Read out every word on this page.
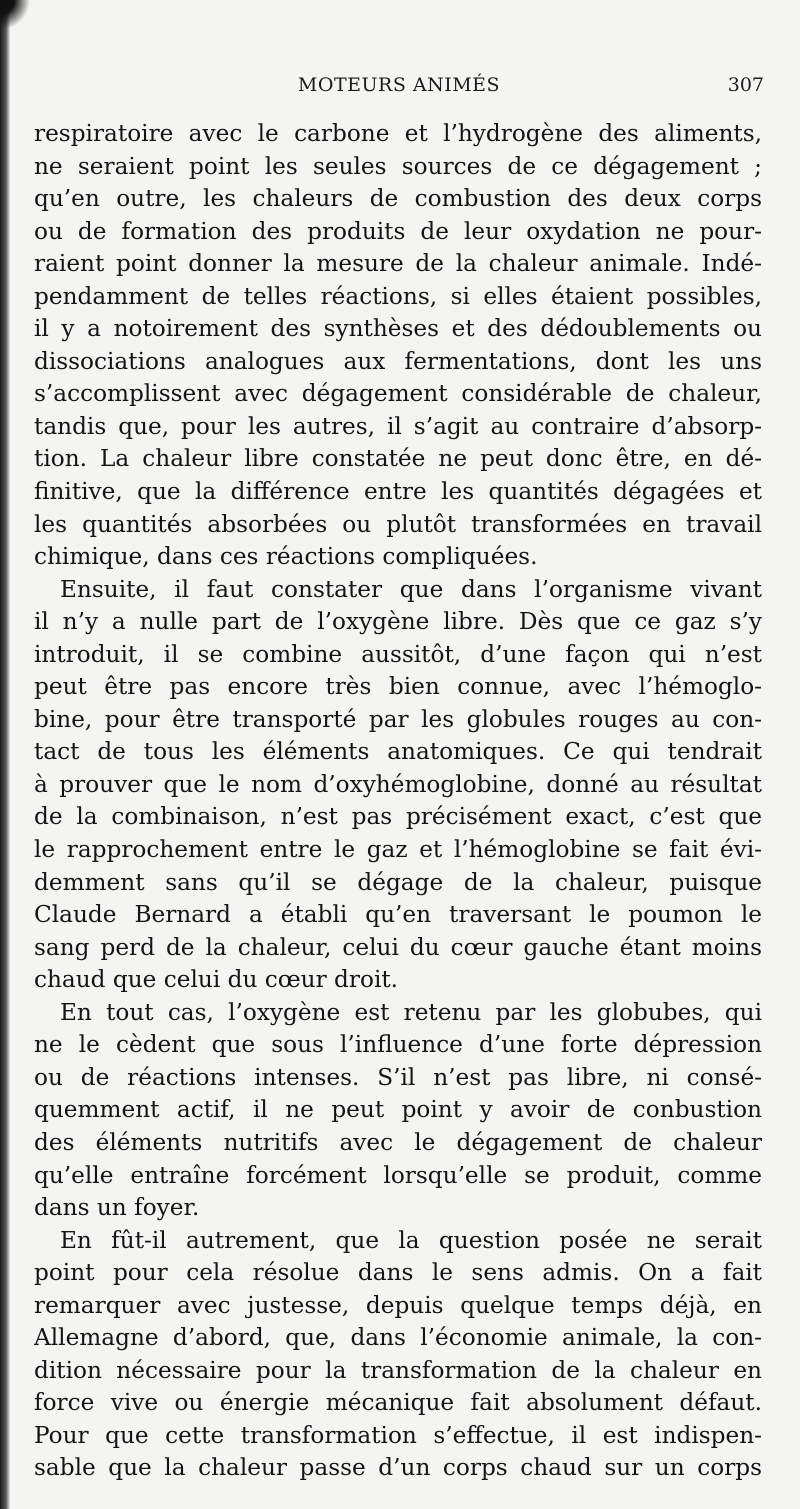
MOTEURS ANIMÉS	307
respiratoire avec le carbone et l’hydrogène des aliments,
ne seraient point les seules sources de ce dégagement ;
qu’en outre, les chaleurs de combustion des deux corps
ou de formation des produits de leur oxydation ne pour-
raient point donner la mesure de la chaleur animale. Indé-
pendamment de telles réactions, si elles étaient possibles,
il y a notoirement des synthèses et des dédoublements ou
dissociations analogues aux fermentations, dont les uns
s’accomplissent avec dégagement considérable de chaleur,
tandis que, pour les autres, il s’agit au contraire d’absorp-
tion. La chaleur libre constatée ne peut donc être, en dé-
finitive, que la différence entre les quantités dégagées et
les quantités absorbées ou plutôt transformées en travail
chimique, dans ces réactions compliquées.
Ensuite, il faut constater que dans l’organisme vivant
il n’y a nulle part de l’oxygène libre. Dès que ce gaz s’y
introduit, il se combine aussitôt, d’une façon qui n’est
peut être pas encore très bien connue, avec l’hémoglo-
bine, pour être transporté par les globules rouges au con-
tact de tous les éléments anatomiques. Ce qui tendrait
à prouver que le nom d’oxyhémoglobine, donné au résultat
de la combinaison, n’est pas précisément exact, c’est que
le rapprochement entre le gaz et l’hémoglobine se fait évi-
demment sans qu’il se dégage de la chaleur, puisque
Claude Bernard a établi qu’en traversant le poumon le
sang perd de la chaleur, celui du cœur gauche étant moins
chaud que celui du cœur droit.
En tout cas, l’oxygène est retenu par les globubes, qui
ne le cèdent que sous l’influence d’une forte dépression
ou de réactions intenses. S’il n’est pas libre, ni consé-
quemment actif, il ne peut point y avoir de conbustion
des éléments nutritifs avec le dégagement de chaleur
qu’elle entraîne forcément lorsqu’elle se produit, comme
dans un foyer.
En fût-il autrement, que la question posée ne serait
point pour cela résolue dans le sens admis. On a fait
remarquer avec justesse, depuis quelque temps déjà, en
Allemagne d’abord, que, dans l’économie animale, la con-
dition nécessaire pour la transformation de la chaleur en
force vive ou énergie mécanique fait absolument défaut.
Pour que cette transformation s’effectue, il est indispen-
sable que la chaleur passe d’un corps chaud sur un corps
